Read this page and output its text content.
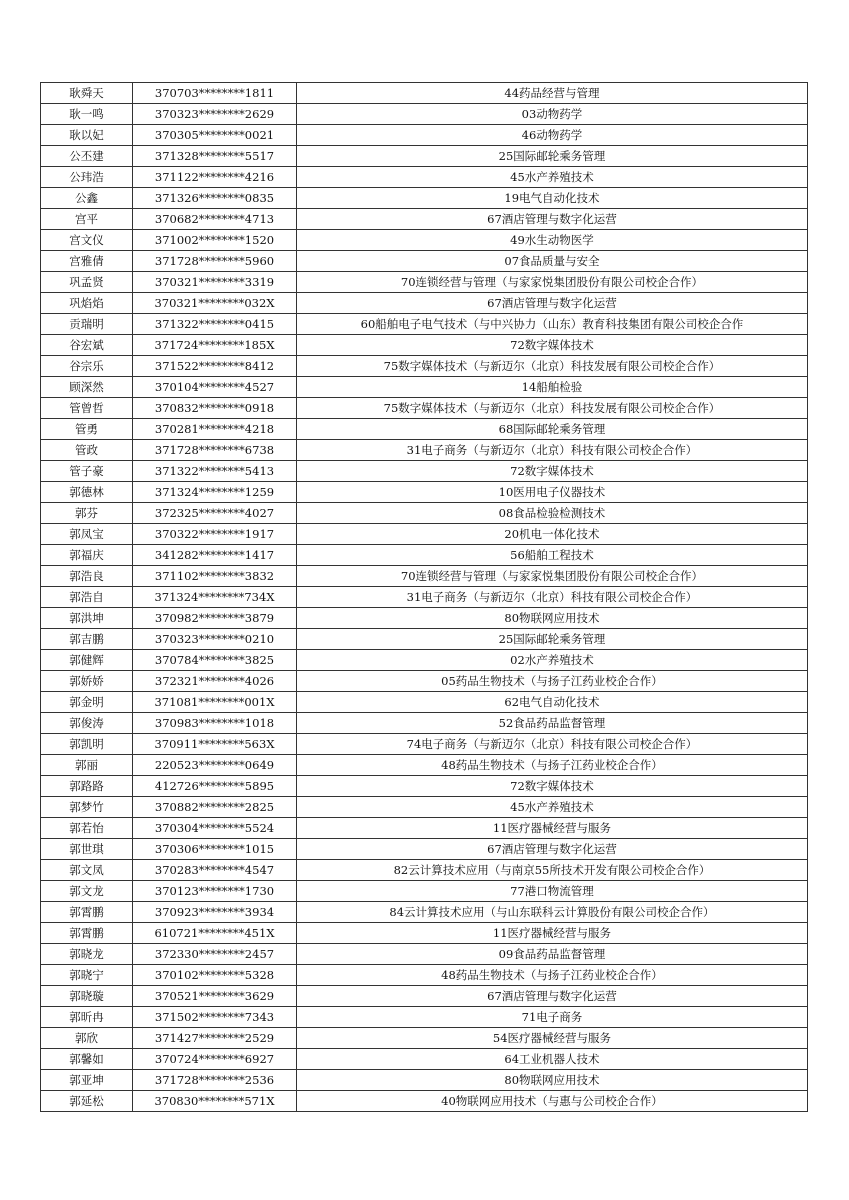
耿舜天	370703********1811	44药品经营与管理
耿一鸣	370323********2629	03动物药学
耿以妃	370305********0021	46动物药学
公丕建	371328********5517	25国际邮轮乘务管理
公玮浩	371122********4216	45水产养殖技术
公鑫	371326********0835	19电气自动化技术
宫平	370682********4713	67酒店管理与数字化运营
宫文仪	371002********1520	49水生动物医学
宫雅倩	371728********5960	07食品质量与安全
巩孟贤	370321********3319	70连锁经营与管理（与家家悦集团股份有限公司校企合作）
巩焰焰	370321********032X	67酒店管理与数字化运营
贡瑞明	371322********0415	60船舶电子电气技术（与中兴协力（山东）教育科技集团有限公司校企合作
谷宏斌	371724********185X	72数字媒体技术
谷宗乐	371522********8412	75数字媒体技术（与新迈尔（北京）科技发展有限公司校企合作）
顾深然	370104********4527	14船舶检验
管曾哲	370832********0918	75数字媒体技术（与新迈尔（北京）科技发展有限公司校企合作）
管勇	370281********4218	68国际邮轮乘务管理
管政	371728********6738	31电子商务（与新迈尔（北京）科技有限公司校企合作）
管子豪	371322********5413	72数字媒体技术
郭德林	371324********1259	10医用电子仪器技术
郭芬	372325********4027	08食品检验检测技术
郭凤宝	370322********1917	20机电一体化技术
郭福庆	341282********1417	56船舶工程技术
郭浩良	371102********3832	70连锁经营与管理（与家家悦集团股份有限公司校企合作）
郭浩自	371324********734X	31电子商务（与新迈尔（北京）科技有限公司校企合作）
郭洪坤	370982********3879	80物联网应用技术
郭吉鹏	370323********0210	25国际邮轮乘务管理
郭健辉	370784********3825	02水产养殖技术
郭娇娇	372321********4026	05药品生物技术（与扬子江药业校企合作）
郭金明	371081********001X	62电气自动化技术
郭俊涛	370983********1018	52食品药品监督管理
郭凯明	370911********563X	74电子商务（与新迈尔（北京）科技有限公司校企合作）
郭丽	220523********0649	48药品生物技术（与扬子江药业校企合作）
郭路路	412726********5895	72数字媒体技术
郭梦竹	370882********2825	45水产养殖技术
郭若怡	370304********5524	11医疗器械经营与服务
郭世琪	370306********1015	67酒店管理与数字化运营
郭文凤	370283********4547	82云计算技术应用（与南京55所技术开发有限公司校企合作）
郭文龙	370123********1730	77港口物流管理
郭霄鹏	370923********3934	84云计算技术应用（与山东联科云计算股份有限公司校企合作）
郭霄鹏	610721********451X	11医疗器械经营与服务
郭晓龙	372330********2457	09食品药品监督管理
郭晓宁	370102********5328	48药品生物技术（与扬子江药业校企合作）
郭晓璇	370521********3629	67酒店管理与数字化运营
郭昕冉	371502********7343	71电子商务
郭欣	371427********2529	54医疗器械经营与服务
郭馨如	370724********6927	64工业机器人技术
郭亚坤	371728********2536	80物联网应用技术
郭延松	370830********571X	40物联网应用技术（与惠与公司校企合作）
